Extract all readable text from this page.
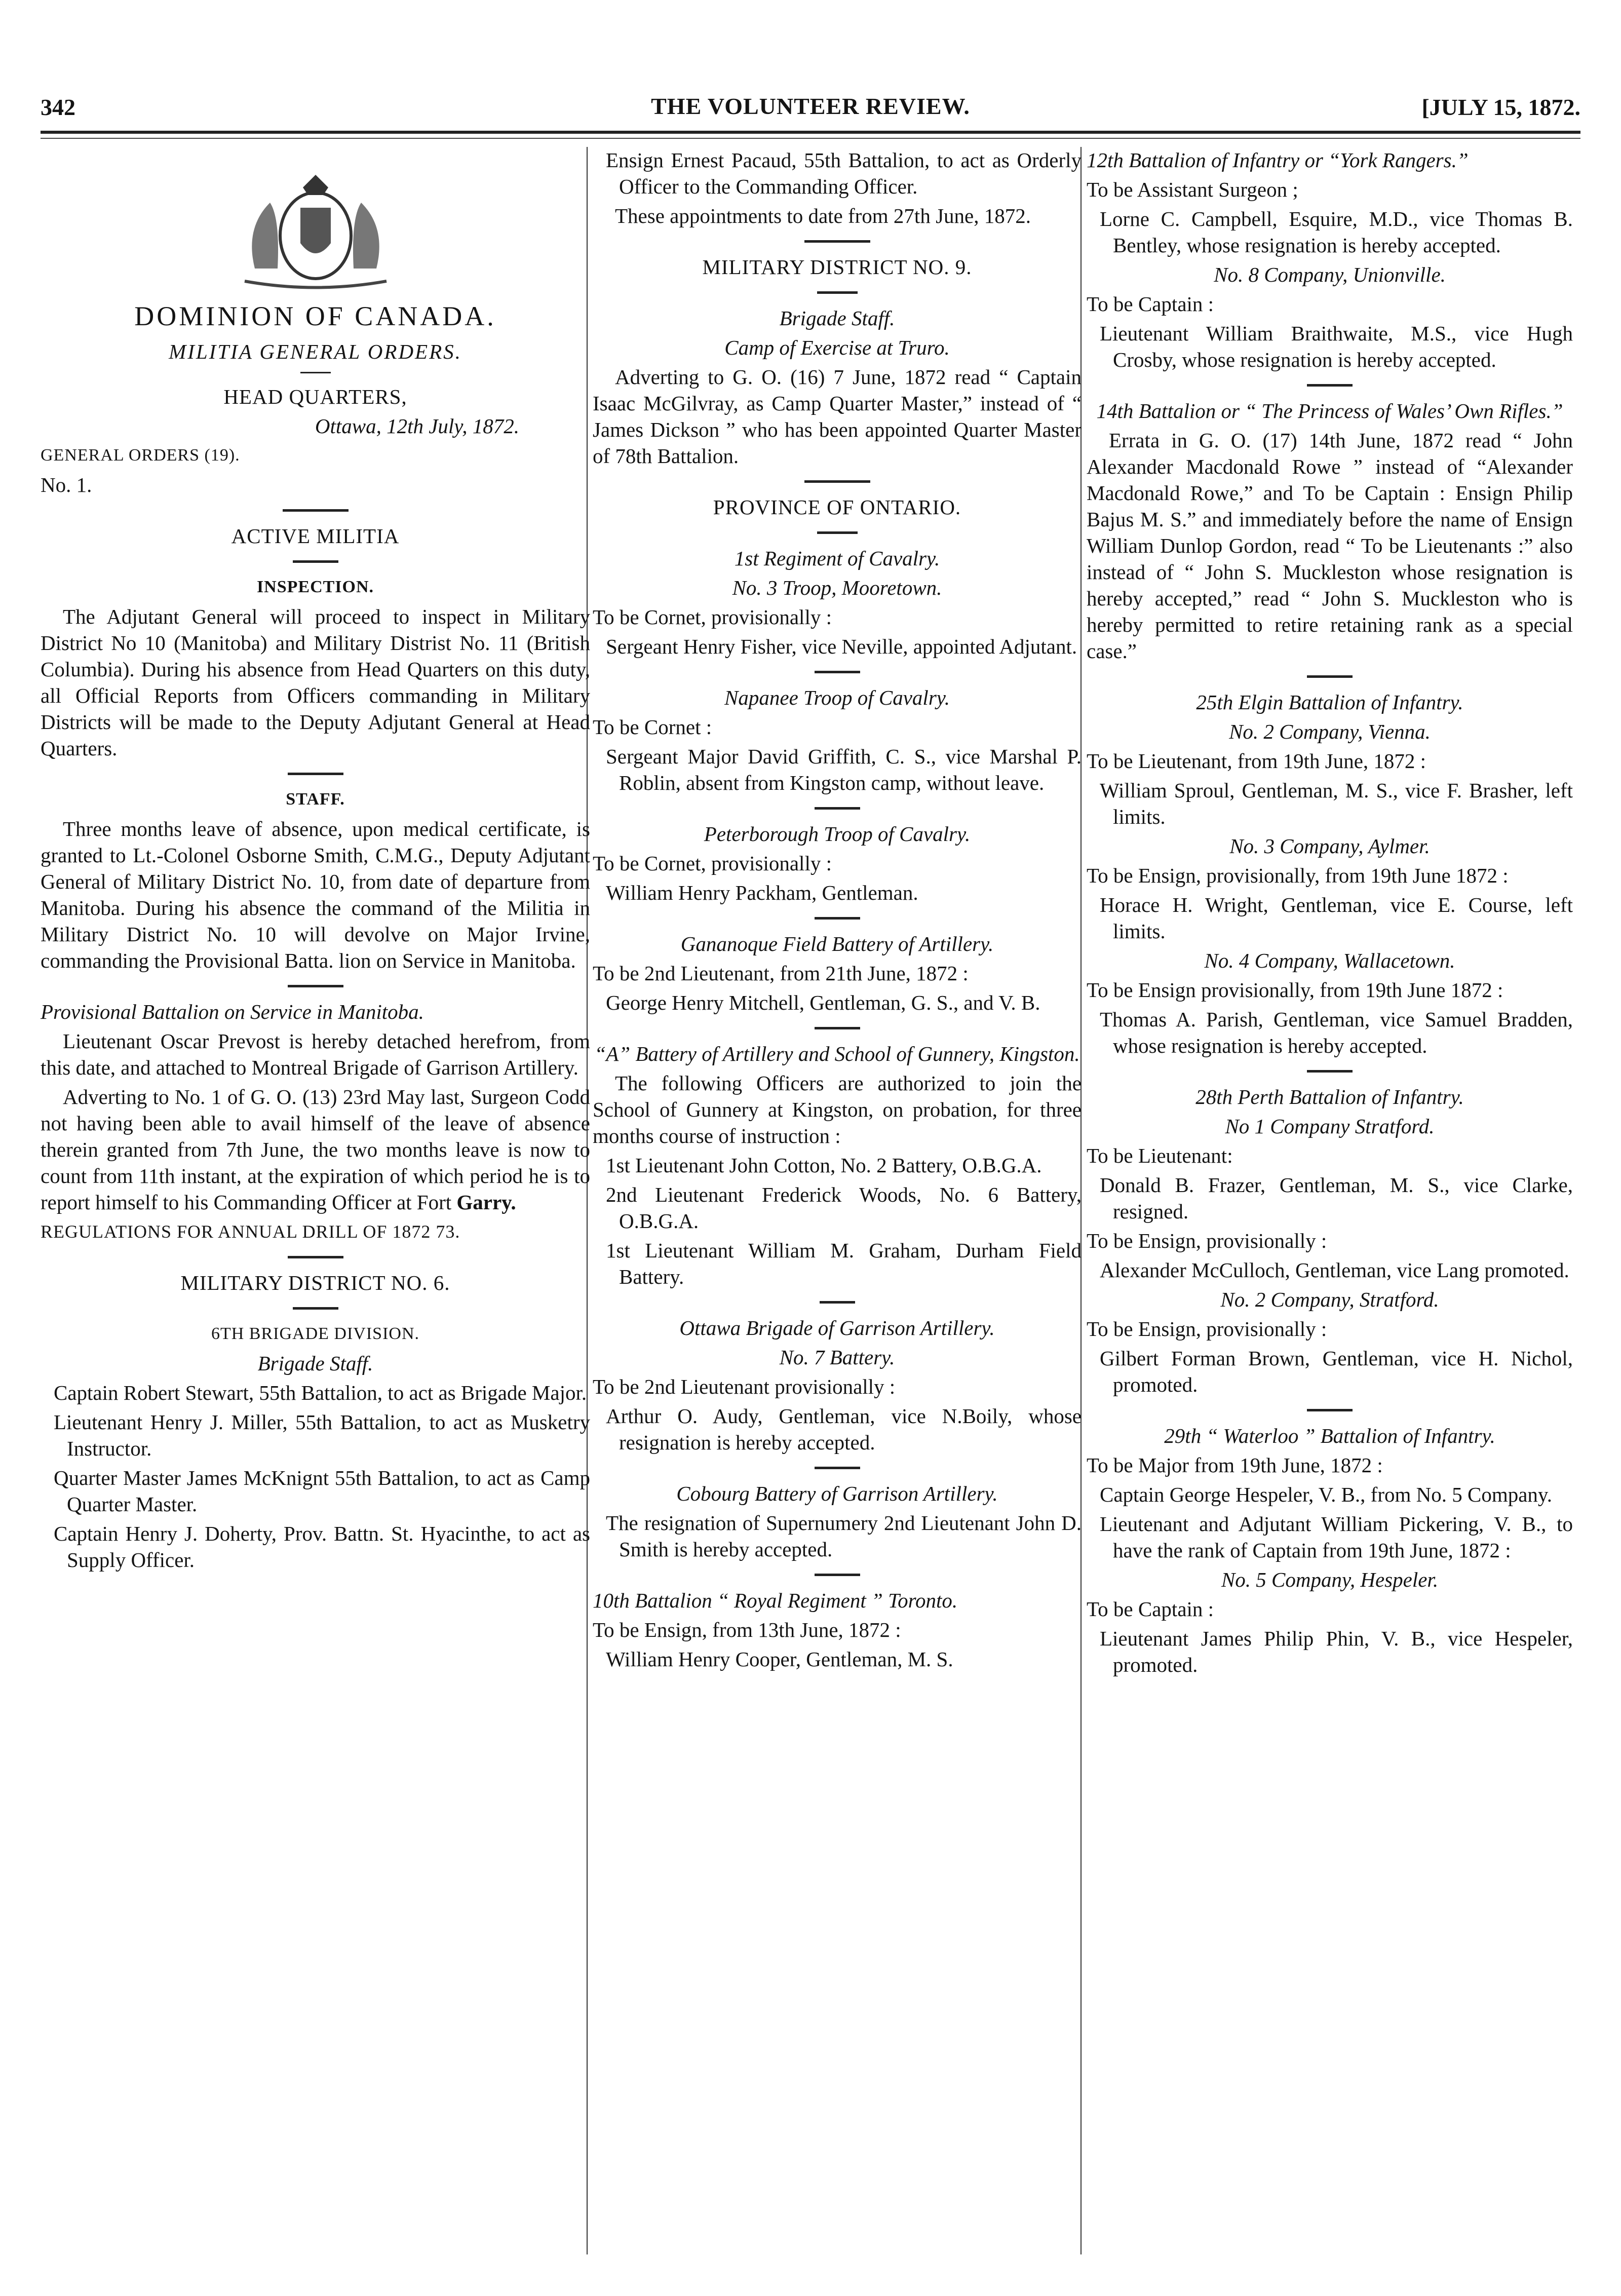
342	THE VOLUNTEER REVIEW.	[JULY 15, 1872.

DOMINION OF CANADA.

MILITIA GENERAL ORDERS.

HEAD QUARTERS,

Ottawa, 12th July, 1872.

GENERAL ORDERS (19).

No. 1.

ACTIVE MILITIA

INSPECTION.

The Adjutant General will proceed to inspect in Military District No 10 (Manitoba) and Military Distrist No. 11 (British Columbia). During his absence from Head Quarters on this duty, all Official Reports from Officers commanding in Military Districts will be made to the Deputy Adjutant General at Head Quarters.

STAFF.

Three months leave of absence, upon medical certificate, is granted to Lt.-Colonel Osborne Smith, C.M.G., Deputy Adjutant General of Military District No. 10, from date of departure from Manitoba. During his absence the command of the Militia in Military District No. 10 will devolve on Major Irvine, commanding the Provisional Batta. lion on Service in Manitoba.

Provisional Battalion on Service in Manitoba.

Lieutenant Oscar Prevost is hereby detached herefrom, from this date, and attached to Montreal Brigade of Garrison Artillery.

Adverting to No. 1 of G. O. (13) 23rd May last, Surgeon Codd not having been able to avail himself of the leave of absence therein granted from 7th June, the two months leave is now to count from 11th instant, at the expiration of which period he is to report himself to his Commanding Officer at Fort Garry.

REGULATIONS FOR ANNUAL DRILL OF 1872 73.

MILITARY DISTRICT NO. 6.

6TH BRIGADE DIVISION.

Brigade Staff.

Captain Robert Stewart, 55th Battalion, to act as Brigade Major.

Lieutenant Henry J. Miller, 55th Battalion, to act as Musketry Instructor.

Quarter Master James McKnignt 55th Battalion, to act as Camp Quarter Master.

Captain Henry J. Doherty, Prov. Battn. St. Hyacinthe, to act as Supply Officer.

Ensign Ernest Pacaud, 55th Battalion, to act as Orderly Officer to the Commanding Officer.

These appointments to date from 27th June, 1872.

MILITARY DISTRICT NO. 9.

Brigade Staff.

Camp of Exercise at Truro.

Adverting to G. O. (16) 7 June, 1872 read “ Captain Isaac McGilvray, as Camp Quarter Master,” instead of “ James Dickson ” who has been appointed Quarter Master of 78th Battalion.

PROVINCE OF ONTARIO.

1st Regiment of Cavalry.

No. 3 Troop, Mooretown.

To be Cornet, provisionally :

Sergeant Henry Fisher, vice Neville, appointed Adjutant.

Napanee Troop of Cavalry.

To be Cornet :

Sergeant Major David Griffith, C. S., vice Marshal P. Roblin, absent from Kingston camp, without leave.

Peterborough Troop of Cavalry.

To be Cornet, provisionally :

William Henry Packham, Gentleman.

Gananoque Field Battery of Artillery.

To be 2nd Lieutenant, from 21th June, 1872 :

George Henry Mitchell, Gentleman, G. S., and V. B.

“A” Battery of Artillery and School of Gunnery, Kingston.

The following Officers are authorized to join the School of Gunnery at Kingston, on probation, for three months course of instruction :

1st Lieutenant John Cotton, No. 2 Battery, O.B.G.A.

2nd Lieutenant Frederick Woods, No. 6 Battery, O.B.G.A.

1st Lieutenant William M. Graham, Durham Field Battery.

Ottawa Brigade of Garrison Artillery.

No. 7 Battery.

To be 2nd Lieutenant provisionally :

Arthur O. Audy, Gentleman, vice N.Boily, whose resignation is hereby accepted.

Cobourg Battery of Garrison Artillery.

The resignation of Supernumery 2nd Lieutenant John D. Smith is hereby accepted.

10th Battalion “ Royal Regiment ” Toronto.

To be Ensign, from 13th June, 1872 :

William Henry Cooper, Gentleman, M. S.

12th Battalion of Infantry or “York Rangers.”

To be Assistant Surgeon ;

Lorne C. Campbell, Esquire, M.D., vice Thomas B. Bentley, whose resignation is hereby accepted.

No. 8 Company, Unionville.

To be Captain :

Lieutenant William Braithwaite, M.S., vice Hugh Crosby, whose resignation is hereby accepted.

14th Battalion or “ The Princess of Wales’ Own Rifles.”

Errata in G. O. (17) 14th June, 1872 read “ John Alexander Macdonald Rowe ” instead of “Alexander Macdonald Rowe,” and To be Captain : Ensign Philip Bajus M. S.” and immediately before the name of Ensign William Dunlop Gordon, read “ To be Lieutenants :” also instead of “ John S. Muckleston whose resignation is hereby accepted,” read “ John S. Muckleston who is hereby permitted to retire retaining rank as a special case.”

25th Elgin Battalion of Infantry.

No. 2 Company, Vienna.

To be Lieutenant, from 19th June, 1872 :

William Sproul, Gentleman, M. S., vice F. Brasher, left limits.

No. 3 Company, Aylmer.

To be Ensign, provisionally, from 19th June 1872 :

Horace H. Wright, Gentleman, vice E. Course, left limits.

No. 4 Company, Wallacetown.

To be Ensign provisionally, from 19th June 1872 :

Thomas A. Parish, Gentleman, vice Samuel Bradden, whose resignation is hereby accepted.

28th Perth Battalion of Infantry.

No 1 Company Stratford.

To be Lieutenant:

Donald B. Frazer, Gentleman, M. S., vice Clarke, resigned.

To be Ensign, provisionally :

Alexander McCulloch, Gentleman, vice Lang promoted.

No. 2 Company, Stratford.

To be Ensign, provisionally :

Gilbert Forman Brown, Gentleman, vice H. Nichol, promoted.

29th “ Waterloo ” Battalion of Infantry.

To be Major from 19th June, 1872 :

Captain George Hespeler, V. B., from No. 5 Company.

Lieutenant and Adjutant William Pickering, V. B., to have the rank of Captain from 19th June, 1872 :

No. 5 Company, Hespeler.

To be Captain :

Lieutenant James Philip Phin, V. B., vice Hespeler, promoted.
